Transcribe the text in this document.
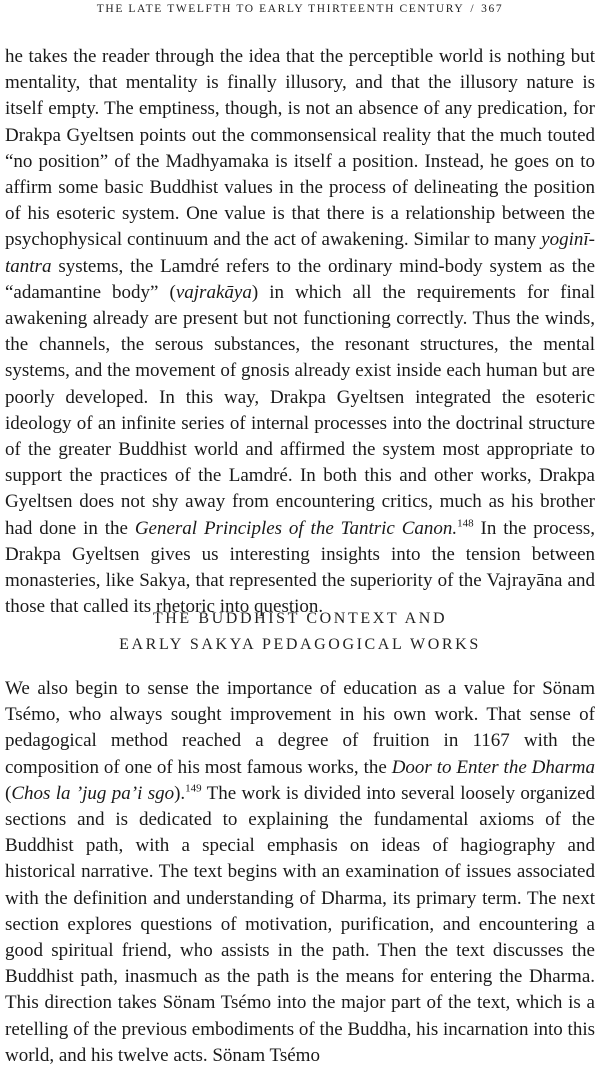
THE LATE TWELFTH TO EARLY THIRTEENTH CENTURY / 367

he takes the reader through the idea that the perceptible world is nothing but mentality, that mentality is finally illusory, and that the illusory nature is itself empty. The emptiness, though, is not an absence of any predication, for Drakpa Gyeltsen points out the commonsensical reality that the much touted “no position” of the Madhyamaka is itself a position. Instead, he goes on to affirm some basic Buddhist values in the process of delineating the position of his esoteric system. One value is that there is a relationship between the psychophysical continuum and the act of awakening. Similar to many yoginī-tantra systems, the Lamdré refers to the ordinary mind-body system as the “adamantine body” (vajrakāya) in which all the requirements for final awakening already are present but not functioning correctly. Thus the winds, the channels, the serous substances, the resonant structures, the mental systems, and the movement of gnosis already exist inside each human but are poorly developed. In this way, Drakpa Gyeltsen integrated the esoteric ideology of an infinite series of internal processes into the doctrinal structure of the greater Buddhist world and affirmed the system most appropriate to support the practices of the Lamdré. In both this and other works, Drakpa Gyeltsen does not shy away from encountering critics, much as his brother had done in the General Principles of the Tantric Canon.$^{148}$ In the process, Drakpa Gyeltsen gives us interesting insights into the tension between monasteries, like Sakya, that represented the superiority of the Vajrayāna and those that called its rhetoric into question.

THE BUDDHIST CONTEXT AND
EARLY SAKYA PEDAGOGICAL WORKS

We also begin to sense the importance of education as a value for Sönam Tsémo, who always sought improvement in his own work. That sense of pedagogical method reached a degree of fruition in 1167 with the composition of one of his most famous works, the Door to Enter the Dharma (Chos la ’jug pa’i sgo).$^{149}$ The work is divided into several loosely organized sections and is dedicated to explaining the fundamental axioms of the Buddhist path, with a special emphasis on ideas of hagiography and historical narrative. The text begins with an examination of issues associated with the definition and understanding of Dharma, its primary term. The next section explores questions of motivation, purification, and encountering a good spiritual friend, who assists in the path. Then the text discusses the Buddhist path, inasmuch as the path is the means for entering the Dharma. This direction takes Sönam Tsémo into the major part of the text, which is a retelling of the previous embodiments of the Buddha, his incarnation into this world, and his twelve acts. Sönam Tsémo
